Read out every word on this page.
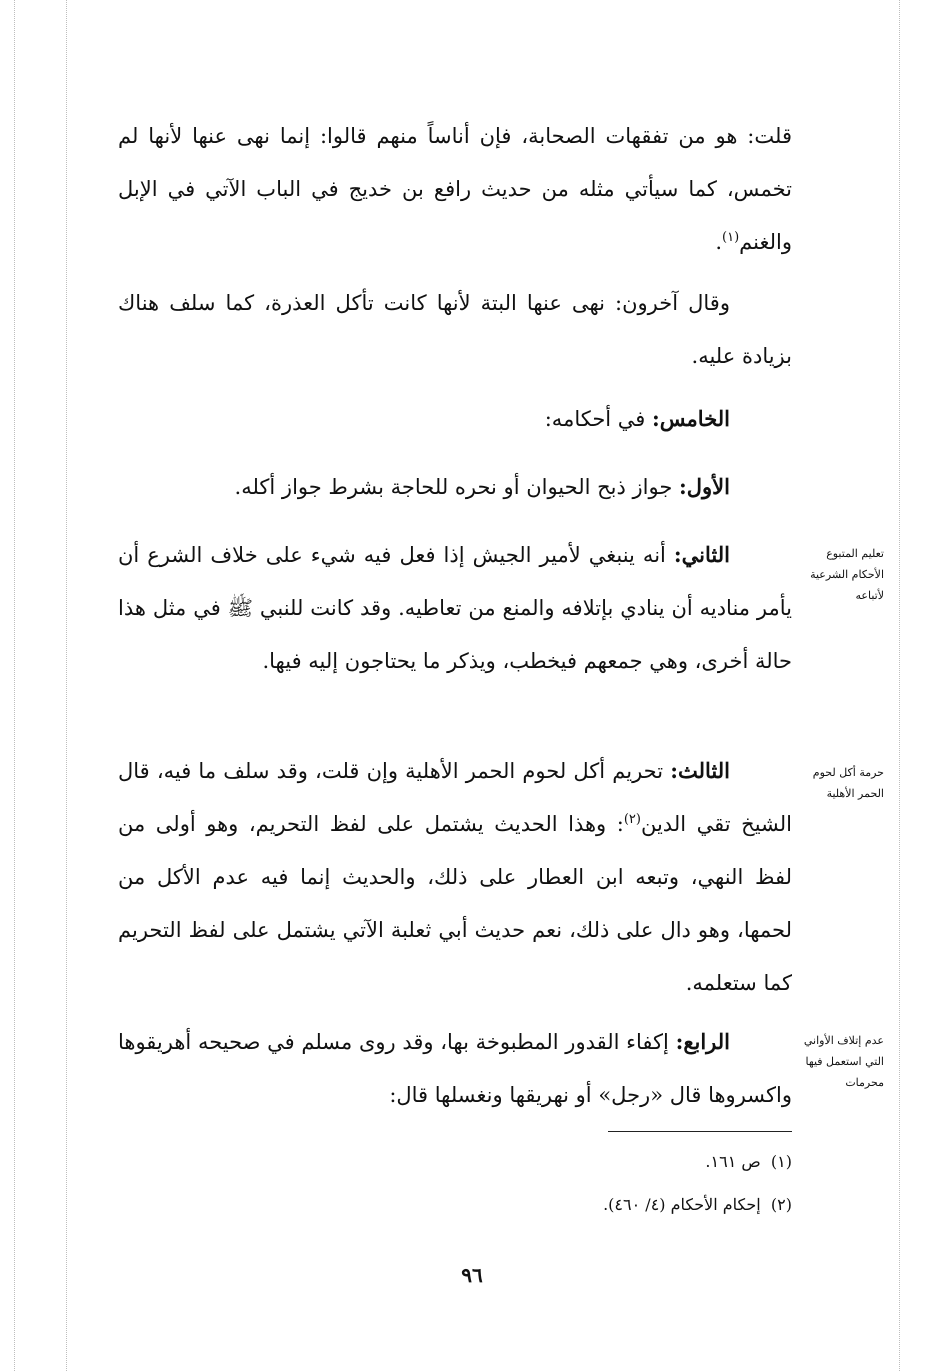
قلت: هو من تفقهات الصحابة، فإن أناساً منهم قالوا: إنما نهى عنها لأنها لم تخمس، كما سيأتي مثله من حديث رافع بن خديج في الباب الآتي في الإبل والغنم$^{(١)}$.
وقال آخرون: نهى عنها البتة لأنها كانت تأكل العذرة، كما سلف هناك بزيادة عليه.
الخامس: في أحكامه:
الأول: جواز ذبح الحيوان أو نحره للحاجة بشرط جواز أكله.
الثاني: أنه ينبغي لأمير الجيش إذا فعل فيه شيء على خلاف الشرع أن يأمر مناديه أن ينادي بإتلافه والمنع من تعاطيه. وقد كانت للنبي ﷺ في مثل هذا حالة أخرى، وهي جمعهم فيخطب، ويذكر ما يحتاجون إليه فيها.
الثالث: تحريم أكل لحوم الحمر الأهلية وإن قلت، وقد سلف ما فيه، قال الشيخ تقي الدين$^{(٢)}$: وهذا الحديث يشتمل على لفظ التحريم، وهو أولى من لفظ النهي، وتبعه ابن العطار على ذلك، والحديث إنما فيه عدم الأكل من لحمها، وهو دال على ذلك، نعم حديث أبي ثعلبة الآتي يشتمل على لفظ التحريم كما ستعلمه.
الرابع: إكفاء القدور المطبوخة بها، وقد روى مسلم في صحيحه أهريقوها واكسروها قال «رجل» أو نهريقها ونغسلها قال:
تعليم المتبوع الأحكام الشرعية لأتباعه
حرمة أكل لحوم الحمر الأهلية
عدم إتلاف الأواني التي استعمل فيها محرمات
(١)  ص ١٦١.
(٢)  إحكام الأحكام (٤/ ٤٦٠).
٩٦
